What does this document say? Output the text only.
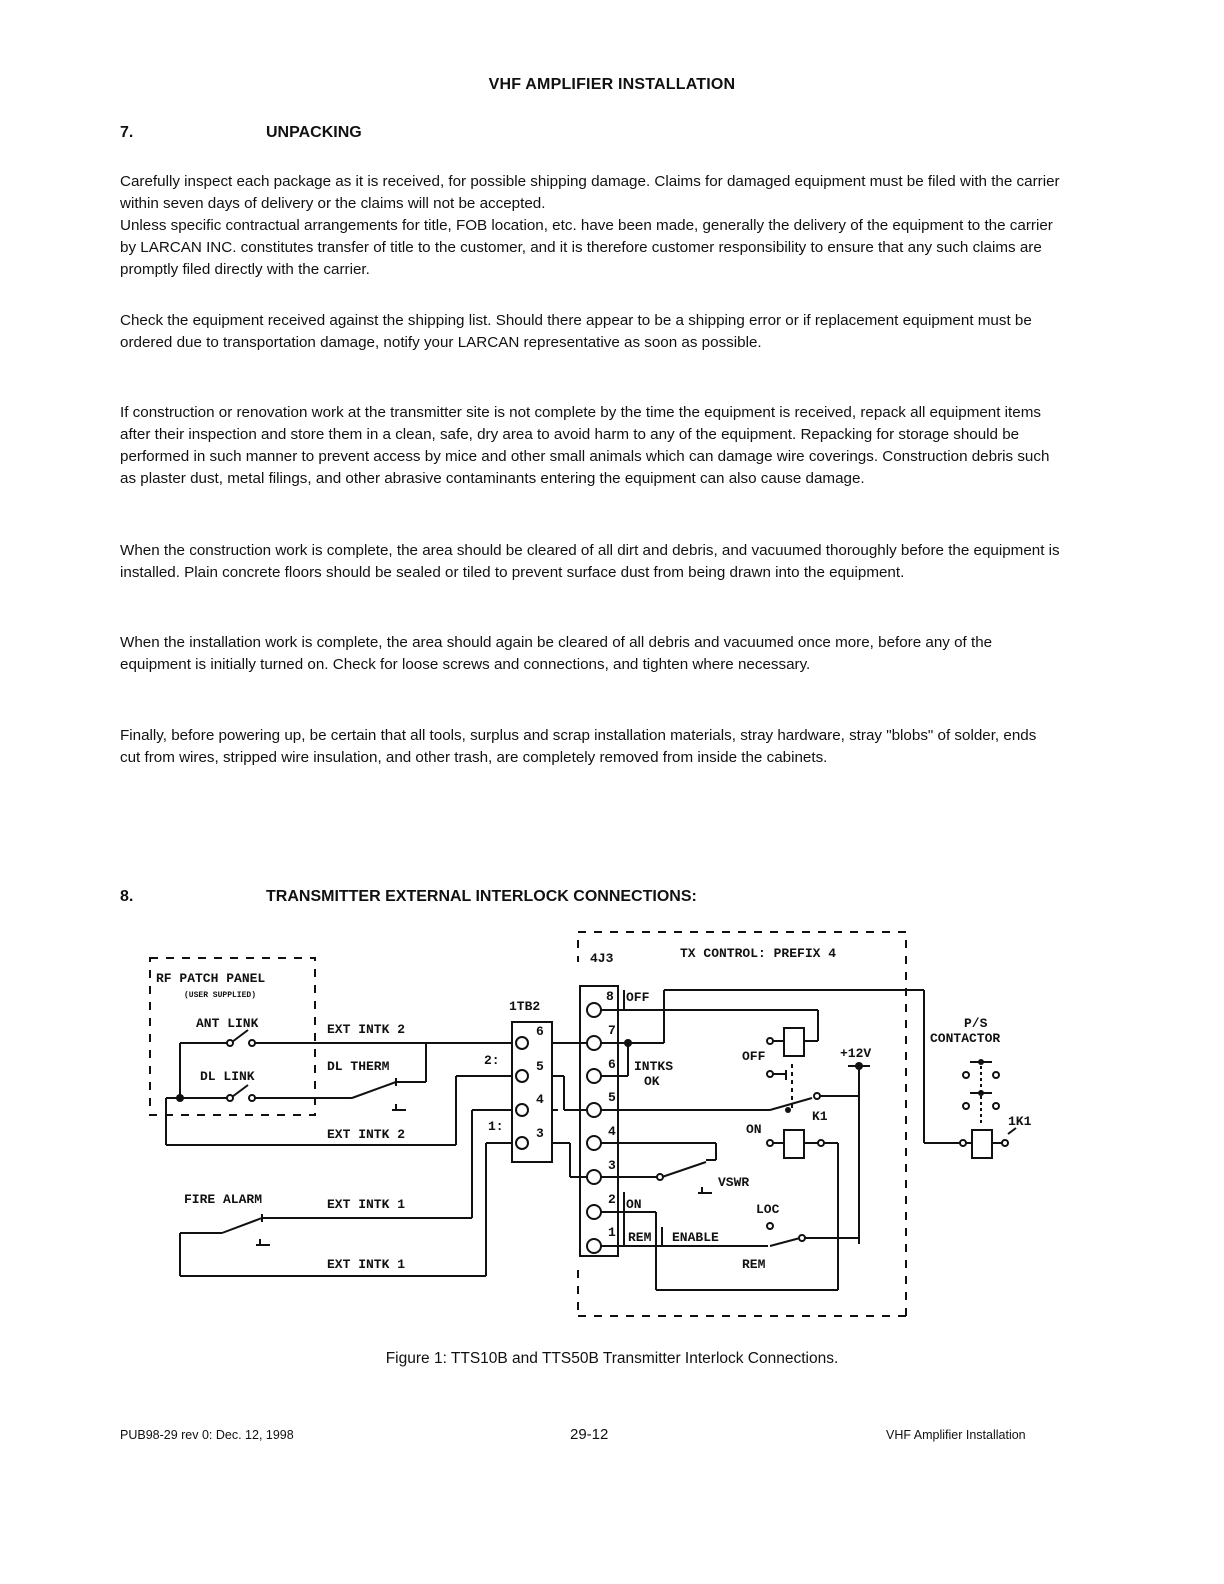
VHF AMPLIFIER INSTALLATION
7.	UNPACKING

Carefully inspect each package as it is received, for possible shipping damage. Claims for damaged equipment must be filed with the carrier within seven days of delivery or the claims will not be accepted.

Unless specific contractual arrangements for title, FOB location, etc. have been made, generally the delivery of the equipment to the carrier by LARCAN INC. constitutes transfer of title to the customer, and it is therefore customer responsibility to ensure that any such claims are promptly filed directly with the carrier.

Check the equipment received against the shipping list. Should there appear to be a shipping error or if replacement equipment must be ordered due to transportation damage, notify your LARCAN representative as soon as possible.

If construction or renovation work at the transmitter site is not complete by the time the equipment is received, repack all equipment items after their inspection and store them in a clean, safe, dry area to avoid harm to any of the equipment. Repacking for storage should be performed in such manner to prevent access by mice and other small animals which can damage wire coverings. Construction debris such as plaster dust, metal filings, and other abrasive contaminants entering the equipment can also cause damage.

When the construction work is complete, the area should be cleared of all dirt and debris, and vacuumed thoroughly before the equipment is installed. Plain concrete floors should be sealed or tiled to prevent surface dust from being drawn into the equipment.

When the installation work is complete, the area should again be cleared of all debris and vacuumed once more, before any of the equipment is initially turned on. Check for loose screws and connections, and tighten where necessary.

Finally, before powering up, be certain that all tools, surplus and scrap installation materials, stray hardware, stray "blobs" of solder, ends cut from wires, stripped wire insulation, and other trash, are completely removed from inside the cabinets.

8.	TRANSMITTER EXTERNAL INTERLOCK CONNECTIONS:
RF PATCH PANEL
(USER SUPPLIED)
ANT LINK
DL LINK
EXT INTK 2
DL THERM
EXT INTK 2
FIRE ALARM	EXT INTK 1
EXT INTK 1
1TB2
6
5
4
3
2:
1:
4J3	TX CONTROL: PREFIX 4
8
7
6
5
4
3
2
1
OFF
INTKS
OK
OFF	+12V
K1
ON
VSWR
ON
REM ENABLE
LOC
REM
P/S
CONTACTOR
1K1
Figure 1: TTS10B and TTS50B Transmitter Interlock Connections.
PUB98-29 rev 0: Dec. 12, 1998	29-12	VHF Amplifier Installation
